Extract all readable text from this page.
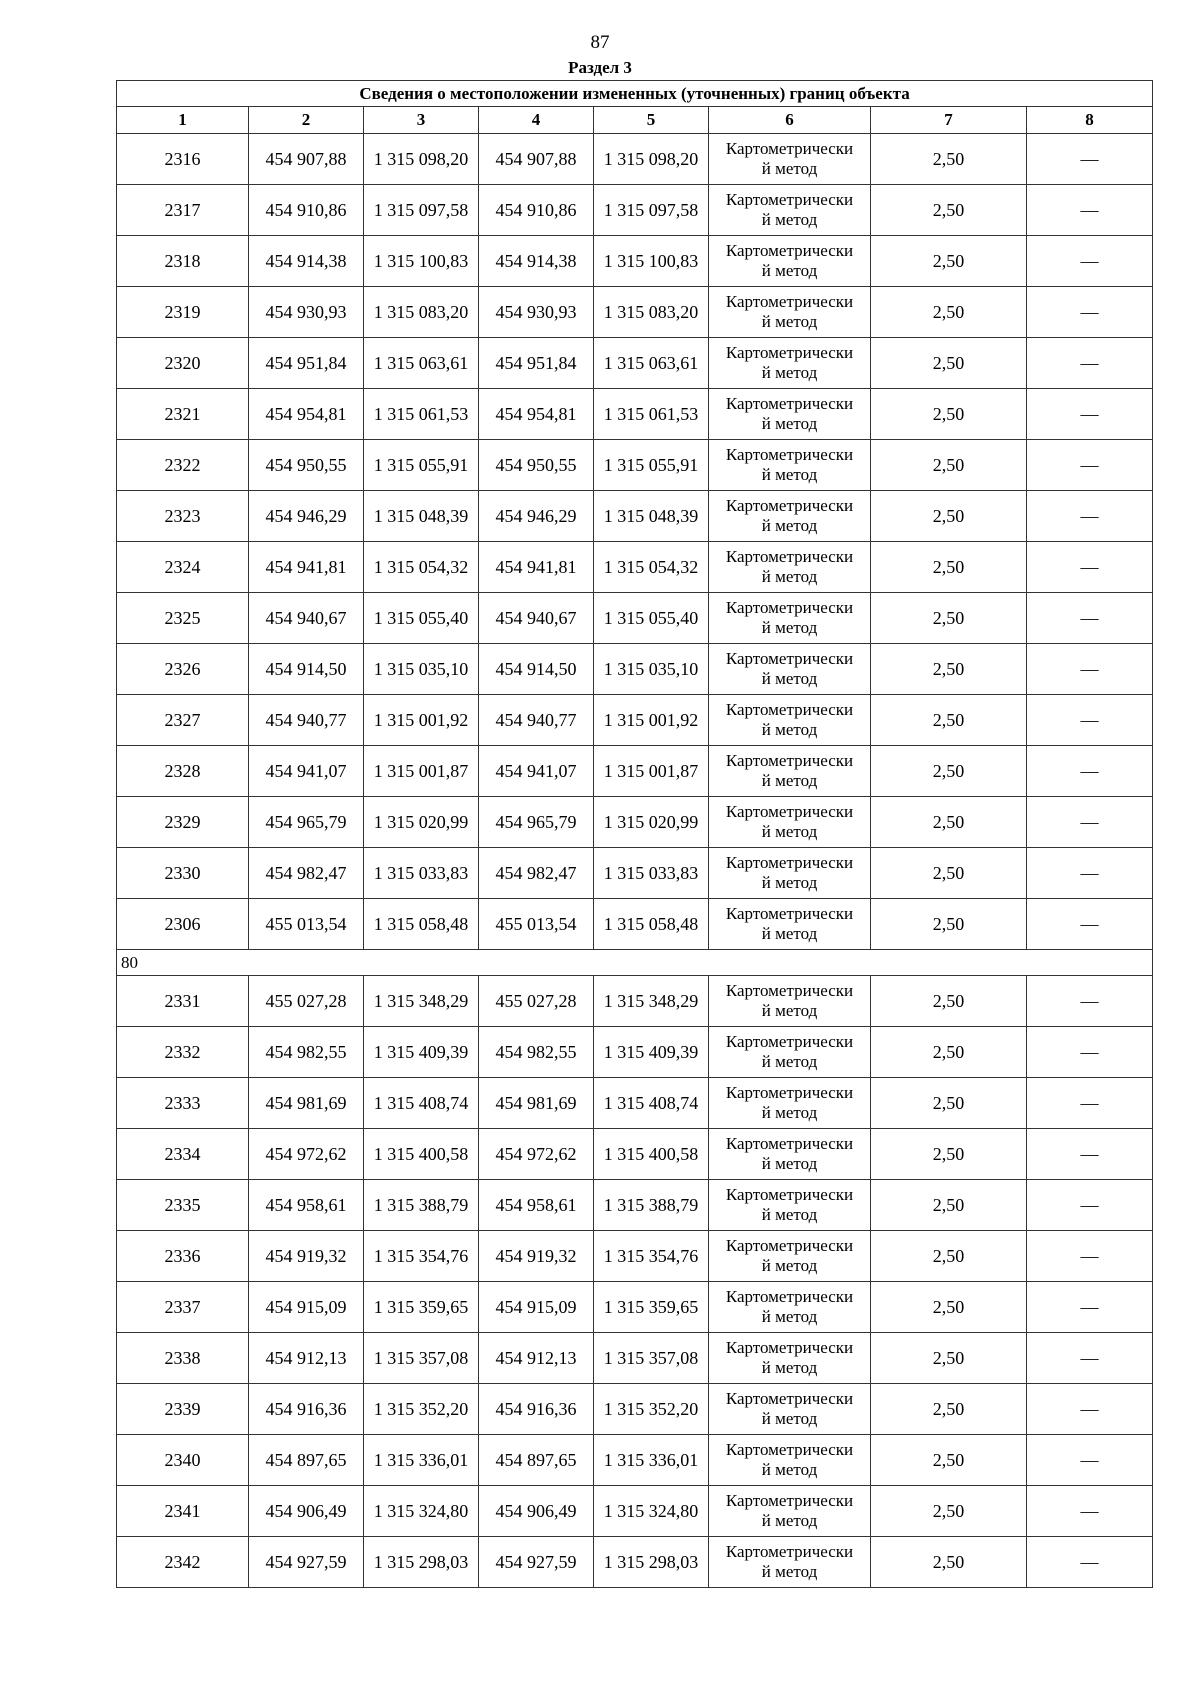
87
Раздел 3
Сведения о местоположении измененных (уточненных) границ объекта							
1	2	3	4	5	6	7	8
2316	454 907,88	1 315 098,20	454 907,88	1 315 098,20	Картометрически
й метод	2,50	—
2317	454 910,86	1 315 097,58	454 910,86	1 315 097,58	Картометрически
й метод	2,50	—
2318	454 914,38	1 315 100,83	454 914,38	1 315 100,83	Картометрически
й метод	2,50	—
2319	454 930,93	1 315 083,20	454 930,93	1 315 083,20	Картометрически
й метод	2,50	—
2320	454 951,84	1 315 063,61	454 951,84	1 315 063,61	Картометрически
й метод	2,50	—
2321	454 954,81	1 315 061,53	454 954,81	1 315 061,53	Картометрически
й метод	2,50	—
2322	454 950,55	1 315 055,91	454 950,55	1 315 055,91	Картометрически
й метод	2,50	—
2323	454 946,29	1 315 048,39	454 946,29	1 315 048,39	Картометрически
й метод	2,50	—
2324	454 941,81	1 315 054,32	454 941,81	1 315 054,32	Картометрически
й метод	2,50	—
2325	454 940,67	1 315 055,40	454 940,67	1 315 055,40	Картометрически
й метод	2,50	—
2326	454 914,50	1 315 035,10	454 914,50	1 315 035,10	Картометрически
й метод	2,50	—
2327	454 940,77	1 315 001,92	454 940,77	1 315 001,92	Картометрически
й метод	2,50	—
2328	454 941,07	1 315 001,87	454 941,07	1 315 001,87	Картометрически
й метод	2,50	—
2329	454 965,79	1 315 020,99	454 965,79	1 315 020,99	Картометрически
й метод	2,50	—
2330	454 982,47	1 315 033,83	454 982,47	1 315 033,83	Картометрически
й метод	2,50	—
2306	455 013,54	1 315 058,48	455 013,54	1 315 058,48	Картометрически
й метод	2,50	—
80							
2331	455 027,28	1 315 348,29	455 027,28	1 315 348,29	Картометрически
й метод	2,50	—
2332	454 982,55	1 315 409,39	454 982,55	1 315 409,39	Картометрически
й метод	2,50	—
2333	454 981,69	1 315 408,74	454 981,69	1 315 408,74	Картометрически
й метод	2,50	—
2334	454 972,62	1 315 400,58	454 972,62	1 315 400,58	Картометрически
й метод	2,50	—
2335	454 958,61	1 315 388,79	454 958,61	1 315 388,79	Картометрически
й метод	2,50	—
2336	454 919,32	1 315 354,76	454 919,32	1 315 354,76	Картометрически
й метод	2,50	—
2337	454 915,09	1 315 359,65	454 915,09	1 315 359,65	Картометрически
й метод	2,50	—
2338	454 912,13	1 315 357,08	454 912,13	1 315 357,08	Картометрически
й метод	2,50	—
2339	454 916,36	1 315 352,20	454 916,36	1 315 352,20	Картометрически
й метод	2,50	—
2340	454 897,65	1 315 336,01	454 897,65	1 315 336,01	Картометрически
й метод	2,50	—
2341	454 906,49	1 315 324,80	454 906,49	1 315 324,80	Картометрически
й метод	2,50	—
2342	454 927,59	1 315 298,03	454 927,59	1 315 298,03	Картометрически
й метод	2,50	—
